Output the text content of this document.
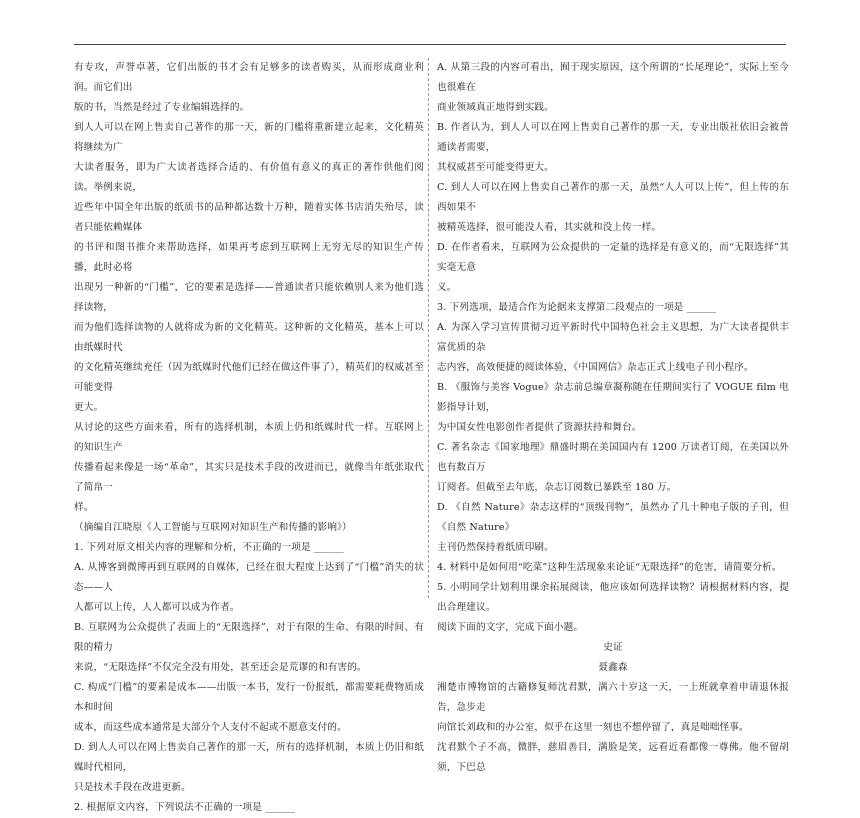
有专攻，声誉卓著，它们出版的书才会有足够多的读者购买，从而形成商业利润。而它们出

版的书，当然是经过了专业编辑选择的。

到人人可以在网上售卖自己著作的那一天，新的门槛将重新建立起来，文化精英将继续为广

大读者服务，即为广大读者选择合适的、有价值有意义的真正的著作供他们阅读。举例来说，

近些年中国全年出版的纸质书的品种都达数十万种，随着实体书店消失殆尽，读者只能依赖媒体

的书评和图书推介来帮助选择，如果再考虑到互联网上无穷无尽的知识生产传播，此时必将

出现另一种新的“门槛”，它的要素是选择——普通读者只能依赖别人来为他们选择读物，

而为他们选择读物的人就将成为新的文化精英。这种新的文化精英，基本上可以由纸媒时代

的文化精英继续充任（因为纸媒时代他们已经在做这件事了），精英们的权威甚至可能变得

更大。

从讨论的这些方面来看，所有的选择机制，本质上仍和纸媒时代一样。互联网上的知识生产

传播看起来像是一场“革命”，其实只是技术手段的改进而已，就像当年纸张取代了简帛一

样。

（摘编自江晓原《人工智能与互联网对知识生产和传播的影响》）

1. 下列对原文相关内容的理解和分析，不正确的一项是 ______

A. 从博客到微博再到互联网的自媒体，已经在很大程度上达到了“门槛”消失的状态——人

人都可以上传，人人都可以成为作者。

B. 互联网为公众提供了表面上的“无限选择”，对于有限的生命、有限的时间、有限的精力

来说，“无限选择”不仅完全没有用处，甚至还会是荒谬的和有害的。

C. 构成“门槛”的要素是成本——出版一本书，发行一份报纸，都需要耗费物质成本和时间

成本，而这些成本通常是大部分个人支付不起或不愿意支付的。

D. 到人人可以在网上售卖自己著作的那一天，所有的选择机制，本质上仍旧和纸媒时代相同，

只是技术手段在改进更新。

2. 根据原文内容，下列说法不正确的一项是 ______

A. 从第三段的内容可看出，囿于现实原因，这个所谓的“长尾理论”，实际上至今也很难在

商业领域真正地得到实践。

B. 作者认为，到人人可以在网上售卖自己著作的那一天，专业出版社依旧会被普通读者需要，

其权威甚至可能变得更大。

C. 到人人可以在网上售卖自己著作的那一天，虽然“人人可以上传”，但上传的东西如果不

被精英选择，很可能没人看，其实就和没上传一样。

D. 在作者看来，互联网为公众提供的一定量的选择是有意义的，而“无限选择”其实毫无意

义。

3. 下列选项，最适合作为论据来支撑第二段观点的一项是 ______

A. 为深入学习宣传贯彻习近平新时代中国特色社会主义思想，为广大读者提供丰富优质的杂

志内容，高效便捷的阅读体验，《中国网信》杂志正式上线电子刊小程序。

B. 《服饰与美容 Vogue》杂志前总编章凝称随在任期间实行了 VOGUE film 电影指导计划，

为中国女性电影创作者提供了资源扶持和舞台。

C. 著名杂志《国家地理》鼎盛时期在美国国内有 1200 万读者订阅，在美国以外也有数百万

订阅者。但截至去年底，杂志订阅数已暴跌至 180 万。

D. 《自然 Nature》杂志这样的“顶级刊物”，虽然办了几十种电子版的子刊，但《自然 Nature》

主刊仍然保持着纸质印刷。

4. 材料中是如何用“吃菜”这种生活现象来论证“无限选择”的危害，请简要分析。

5. 小明同学计划利用课余拓展阅读，他应该如何选择读物？请根据材料内容，提出合理建议。

阅读下面的文字，完成下面小题。

史证

聂鑫森

湘楚市博物馆的古籍修复师沈君默，满六十岁这一天，一上班就拿着申请退休报告，急步走

向馆长刘政和的办公室，似乎在这里一刻也不想停留了，真是咄咄怪事。

沈君默个子不高，微胖，慈眉善目，满脸是笑，远看近看都像一尊佛。他不留胡须，下巴总
